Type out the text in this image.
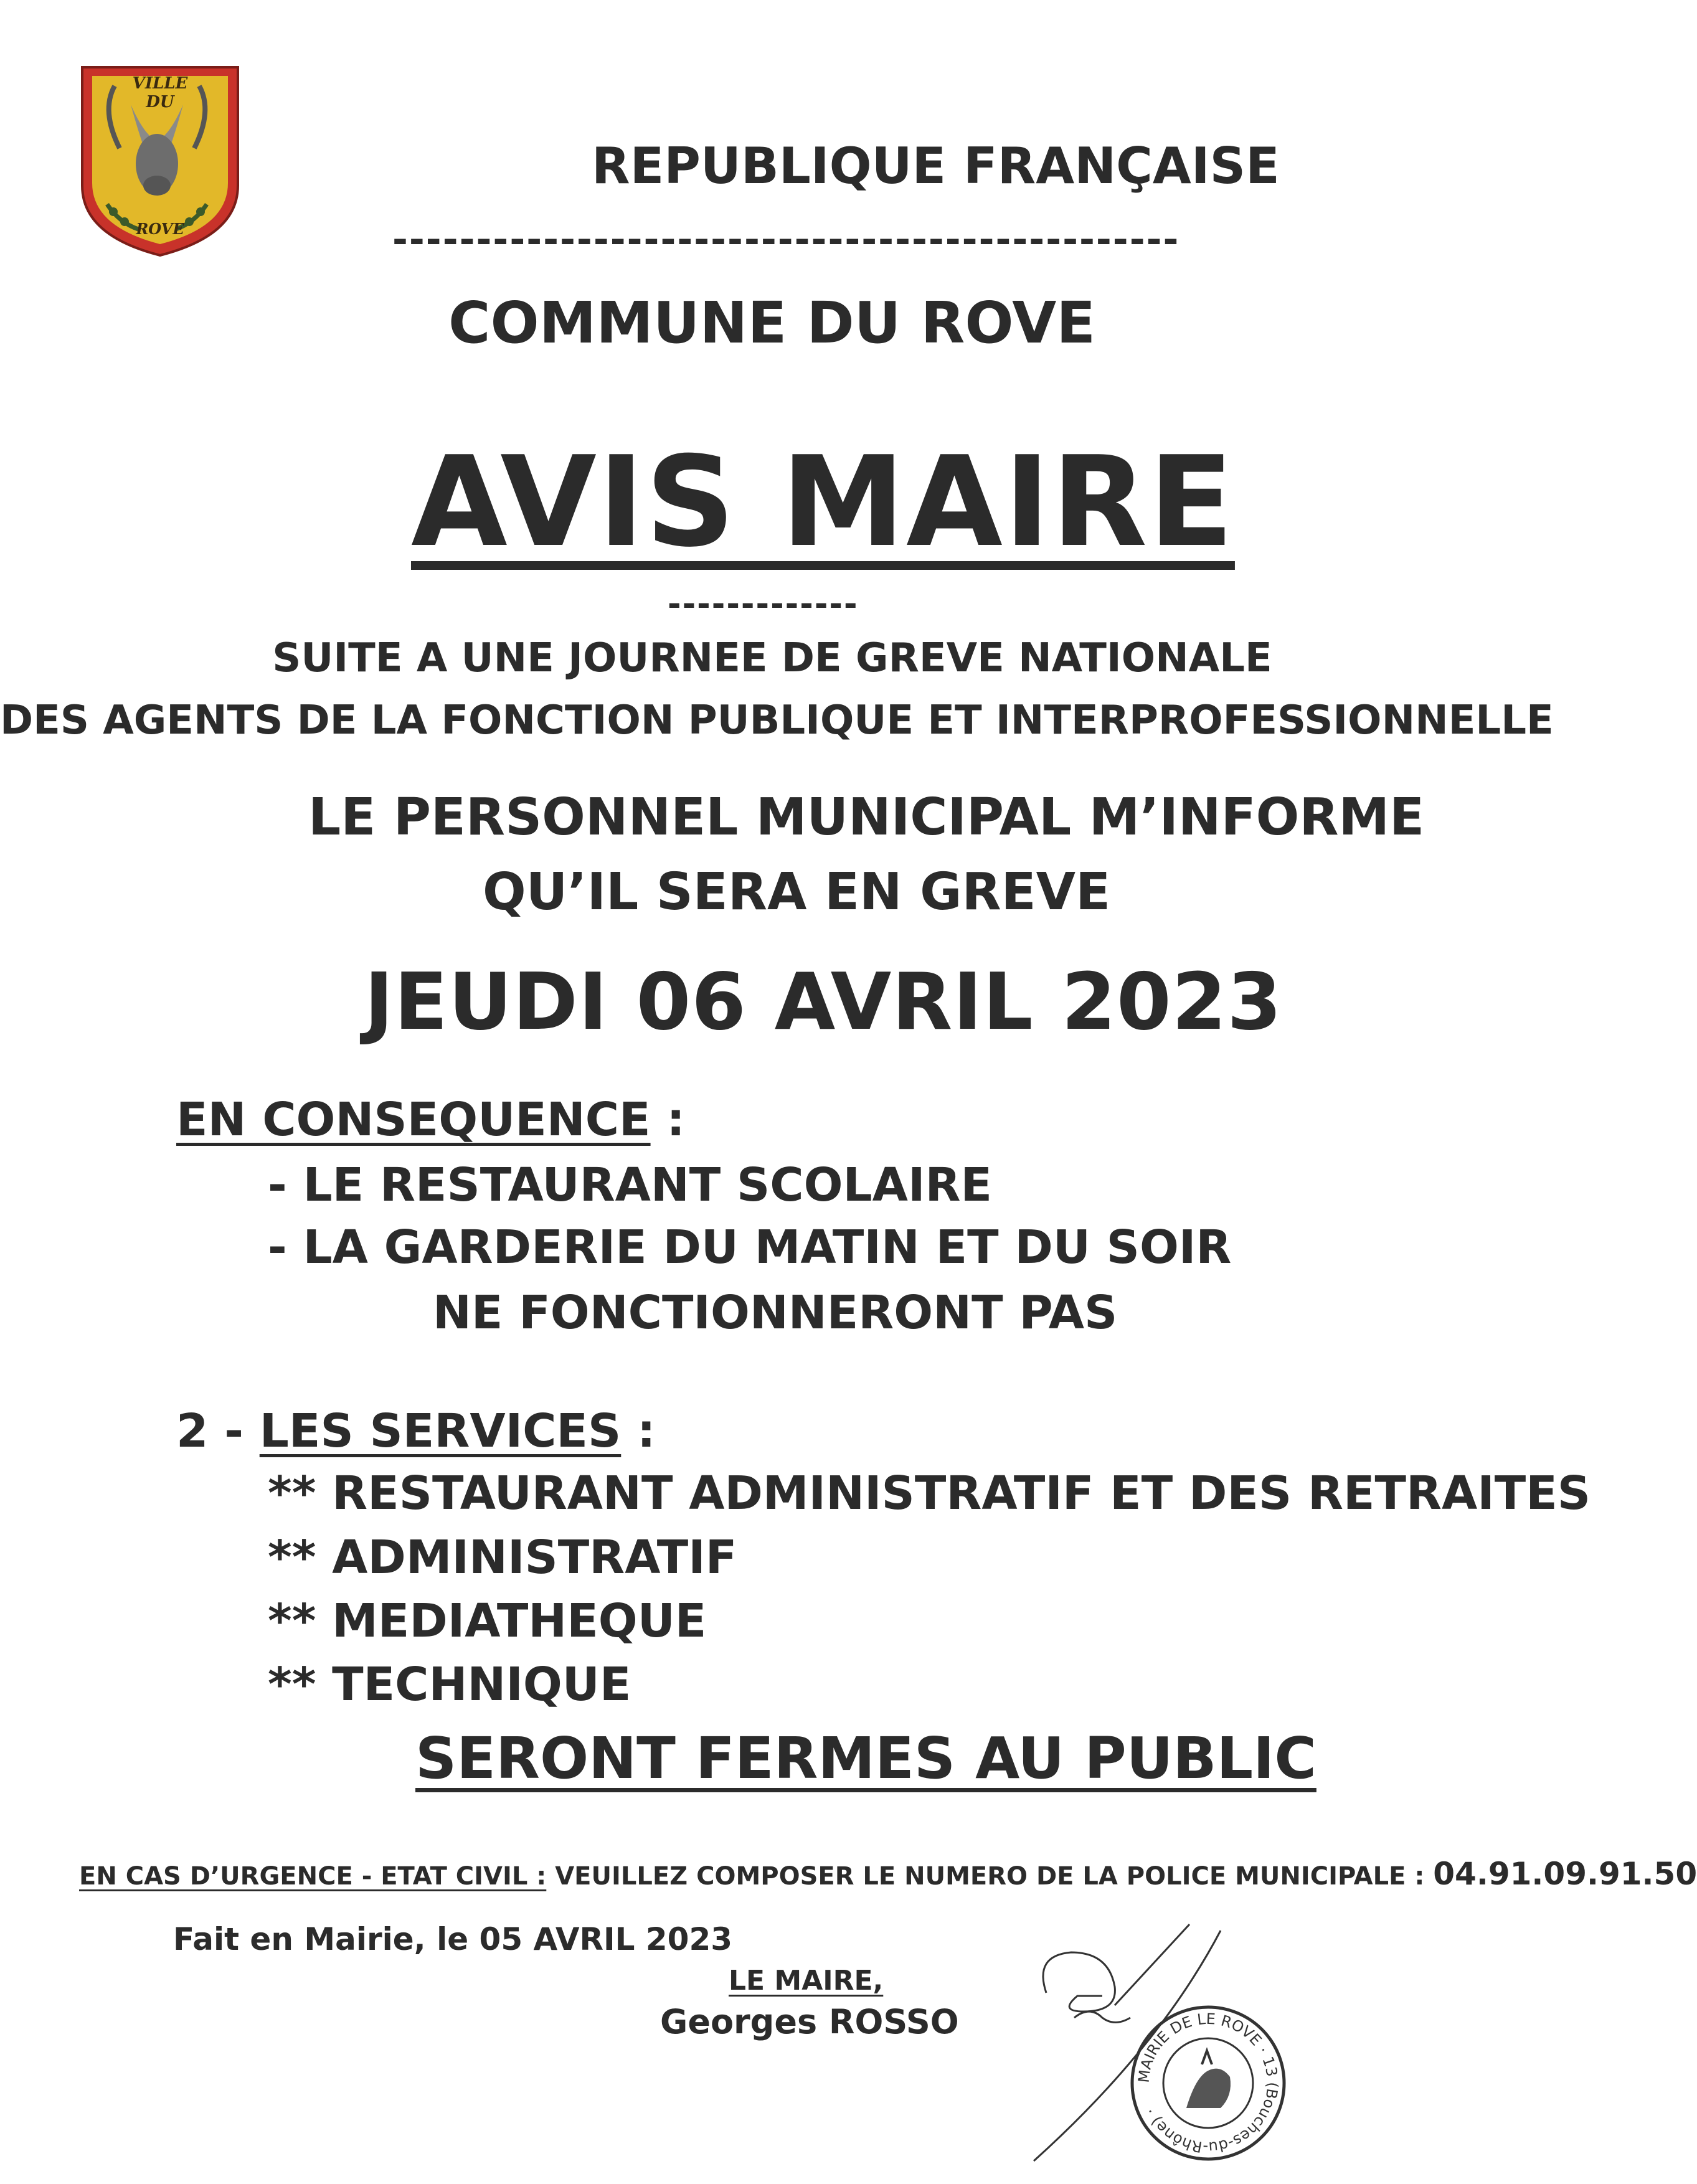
VILLE
DU
ROVE
REPUBLIQUE FRANÇAISE
-----------------------------------------------
COMMUNE DU ROVE
AVIS MAIRE
-------------
SUITE A UNE JOURNEE DE GREVE NATIONALE
DES AGENTS DE LA FONCTION PUBLIQUE ET INTERPROFESSIONNELLE
LE PERSONNEL MUNICIPAL M’INFORME
QU’IL SERA EN GREVE
JEUDI 06 AVRIL 2023
EN CONSEQUENCE :
- LE RESTAURANT SCOLAIRE
- LA GARDERIE DU MATIN ET DU SOIR
NE FONCTIONNERONT PAS
2 - LES SERVICES :
** RESTAURANT ADMINISTRATIF ET DES RETRAITES
** ADMINISTRATIF
** MEDIATHEQUE
** TECHNIQUE
SERONT FERMES AU PUBLIC
EN CAS D’URGENCE - ETAT CIVIL : VEUILLEZ COMPOSER LE NUMERO DE LA POLICE MUNICIPALE : 04.91.09.91.50
Fait en Mairie, le 05 AVRIL 2023
LE MAIRE,
Georges ROSSO
MAIRIE DE LE ROVE · 13 (Bouches-du-Rhône) ·
